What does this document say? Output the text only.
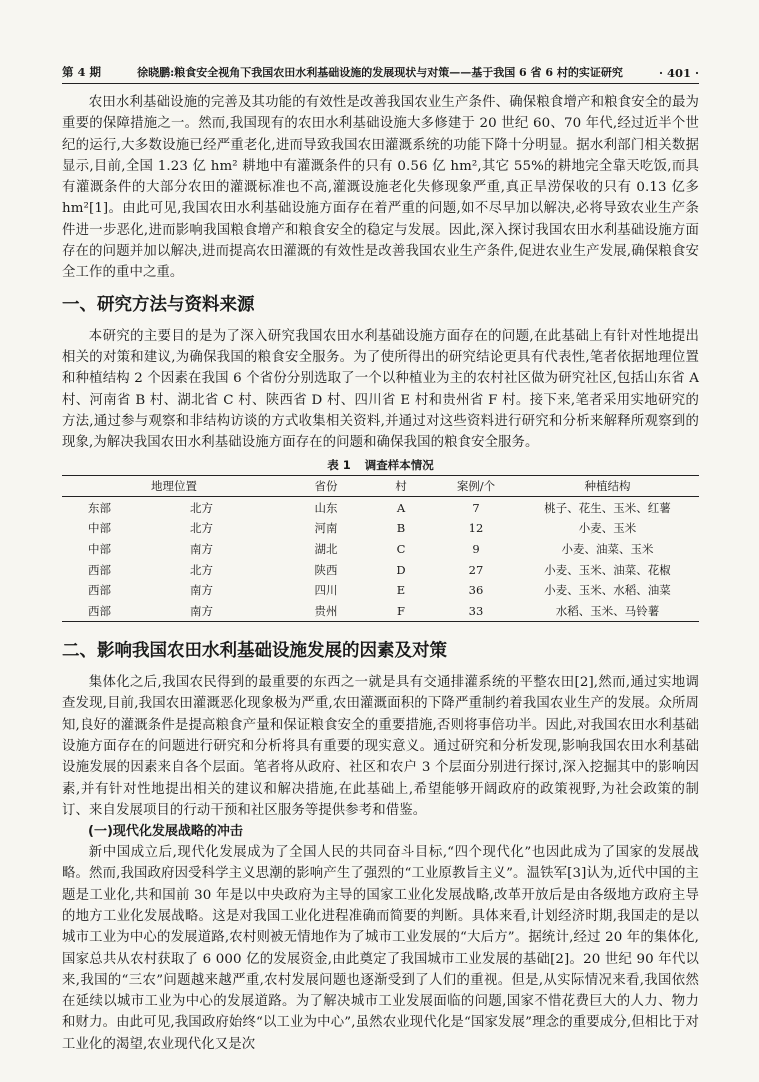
第 4 期	徐晓鹏:粮食安全视角下我国农田水利基础设施的发展现状与对策——基于我国 6 省 6 村的实证研究	· 401 ·

农田水利基础设施的完善及其功能的有效性是改善我国农业生产条件、确保粮食增产和粮食安全的最为重要的保障措施之一。然而,我国现有的农田水利基础设施大多修建于 20 世纪 60、70 年代,经过近半个世纪的运行,大多数设施已经严重老化,进而导致我国农田灌溉系统的功能下降十分明显。据水利部门相关数据显示,目前,全国 1.23 亿 hm² 耕地中有灌溉条件的只有 0.56 亿 hm²,其它 55%的耕地完全靠天吃饭,而具有灌溉条件的大部分农田的灌溉标准也不高,灌溉设施老化失修现象严重,真正旱涝保收的只有 0.13 亿多 hm²[1]。由此可见,我国农田水利基础设施方面存在着严重的问题,如不尽早加以解决,必将导致农业生产条件进一步恶化,进而影响我国粮食增产和粮食安全的稳定与发展。因此,深入探讨我国农田水利基础设施方面存在的问题并加以解决,进而提高农田灌溉的有效性是改善我国农业生产条件,促进农业生产发展,确保粮食安全工作的重中之重。

一、研究方法与资料来源

本研究的主要目的是为了深入研究我国农田水利基础设施方面存在的问题,在此基础上有针对性地提出相关的对策和建议,为确保我国的粮食安全服务。为了使所得出的研究结论更具有代表性,笔者依据地理位置和种植结构 2 个因素在我国 6 个省份分别选取了一个以种植业为主的农村社区做为研究社区,包括山东省 A 村、河南省 B 村、湖北省 C 村、陕西省 D 村、四川省 E 村和贵州省 F 村。接下来,笔者采用实地研究的方法,通过参与观察和非结构访谈的方式收集相关资料,并通过对这些资料进行研究和分析来解释所观察到的现象,为解决我国农田水利基础设施方面存在的问题和确保我国的粮食安全服务。

表 1 调查样本情况
地理位置		省份	村	案例/个	种植结构
东部	北方	山东	A	7	桃子、花生、玉米、红薯
中部	北方	河南	B	12	小麦、玉米
中部	南方	湖北	C	9	小麦、油菜、玉米
西部	北方	陕西	D	27	小麦、玉米、油菜、花椒
西部	南方	四川	E	36	小麦、玉米、水稻、油菜
西部	南方	贵州	F	33	水稻、玉米、马铃薯
二、影响我国农田水利基础设施发展的因素及对策

集体化之后,我国农民得到的最重要的东西之一就是具有交通排灌系统的平整农田[2],然而,通过实地调查发现,目前,我国农田灌溉恶化现象极为严重,农田灌溉面积的下降严重制约着我国农业生产的发展。众所周知,良好的灌溉条件是提高粮食产量和保证粮食安全的重要措施,否则将事倍功半。因此,对我国农田水利基础设施方面存在的问题进行研究和分析将具有重要的现实意义。通过研究和分析发现,影响我国农田水利基础设施发展的因素来自各个层面。笔者将从政府、社区和农户 3 个层面分别进行探讨,深入挖掘其中的影响因素,并有针对性地提出相关的建议和解决措施,在此基础上,希望能够开阔政府的政策视野,为社会政策的制订、来自发展项目的行动干预和社区服务等提供参考和借鉴。

(一)现代化发展战略的冲击

新中国成立后,现代化发展成为了全国人民的共同奋斗目标,“四个现代化”也因此成为了国家的发展战略。然而,我国政府因受科学主义思潮的影响产生了强烈的“工业原教旨主义”。温铁军[3]认为,近代中国的主题是工业化,共和国前 30 年是以中央政府为主导的国家工业化发展战略,改革开放后是由各级地方政府主导的地方工业化发展战略。这是对我国工业化进程准确而简要的判断。具体来看,计划经济时期,我国走的是以城市工业为中心的发展道路,农村则被无情地作为了城市工业发展的“大后方”。据统计,经过 20 年的集体化,国家总共从农村获取了 6 000 亿的发展资金,由此奠定了我国城市工业发展的基础[2]。20 世纪 90 年代以来,我国的“三农”问题越来越严重,农村发展问题也逐渐受到了人们的重视。但是,从实际情况来看,我国依然在延续以城市工业为中心的发展道路。为了解决城市工业发展面临的问题,国家不惜花费巨大的人力、物力和财力。由此可见,我国政府始终“以工业为中心”,虽然农业现代化是“国家发展”理念的重要成分,但相比于对工业化的渴望,农业现代化又是次
